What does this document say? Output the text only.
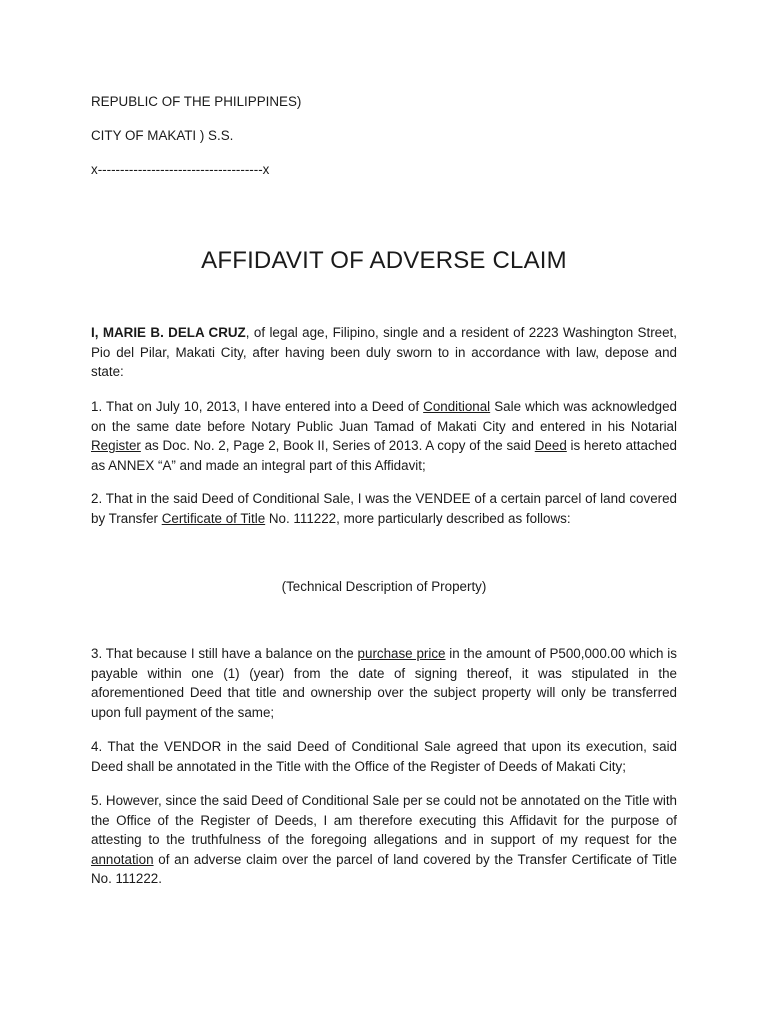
REPUBLIC OF THE PHILIPPINES)

CITY OF MAKATI ) S.S.

x-------------------------------------x

AFFIDAVIT OF ADVERSE CLAIM

I, MARIE B. DELA CRUZ, of legal age, Filipino, single and a resident of 2223 Washington Street, Pio del Pilar, Makati City, after having been duly sworn to in accordance with law, depose and state:

1. That on July 10, 2013, I have entered into a Deed of Conditional Sale which was acknowledged on the same date before Notary Public Juan Tamad of Makati City and entered in his Notarial Register as Doc. No. 2, Page 2, Book II, Series of 2013. A copy of the said Deed is hereto attached as ANNEX “A” and made an integral part of this Affidavit;

2. That in the said Deed of Conditional Sale, I was the VENDEE of a certain parcel of land covered by Transfer Certificate of Title No. 111222, more particularly described as follows:

(Technical Description of Property)

3. That because I still have a balance on the purchase price in the amount of P500,000.00 which is payable within one (1) (year) from the date of signing thereof, it was stipulated in the aforementioned Deed that title and ownership over the subject property will only be transferred upon full payment of the same;

4. That the VENDOR in the said Deed of Conditional Sale agreed that upon its execution, said Deed shall be annotated in the Title with the Office of the Register of Deeds of Makati City;

5. However, since the said Deed of Conditional Sale per se could not be annotated on the Title with the Office of the Register of Deeds, I am therefore executing this Affidavit for the purpose of attesting to the truthfulness of the foregoing allegations and in support of my request for the annotation of an adverse claim over the parcel of land covered by the Transfer Certificate of Title No. 111222.
